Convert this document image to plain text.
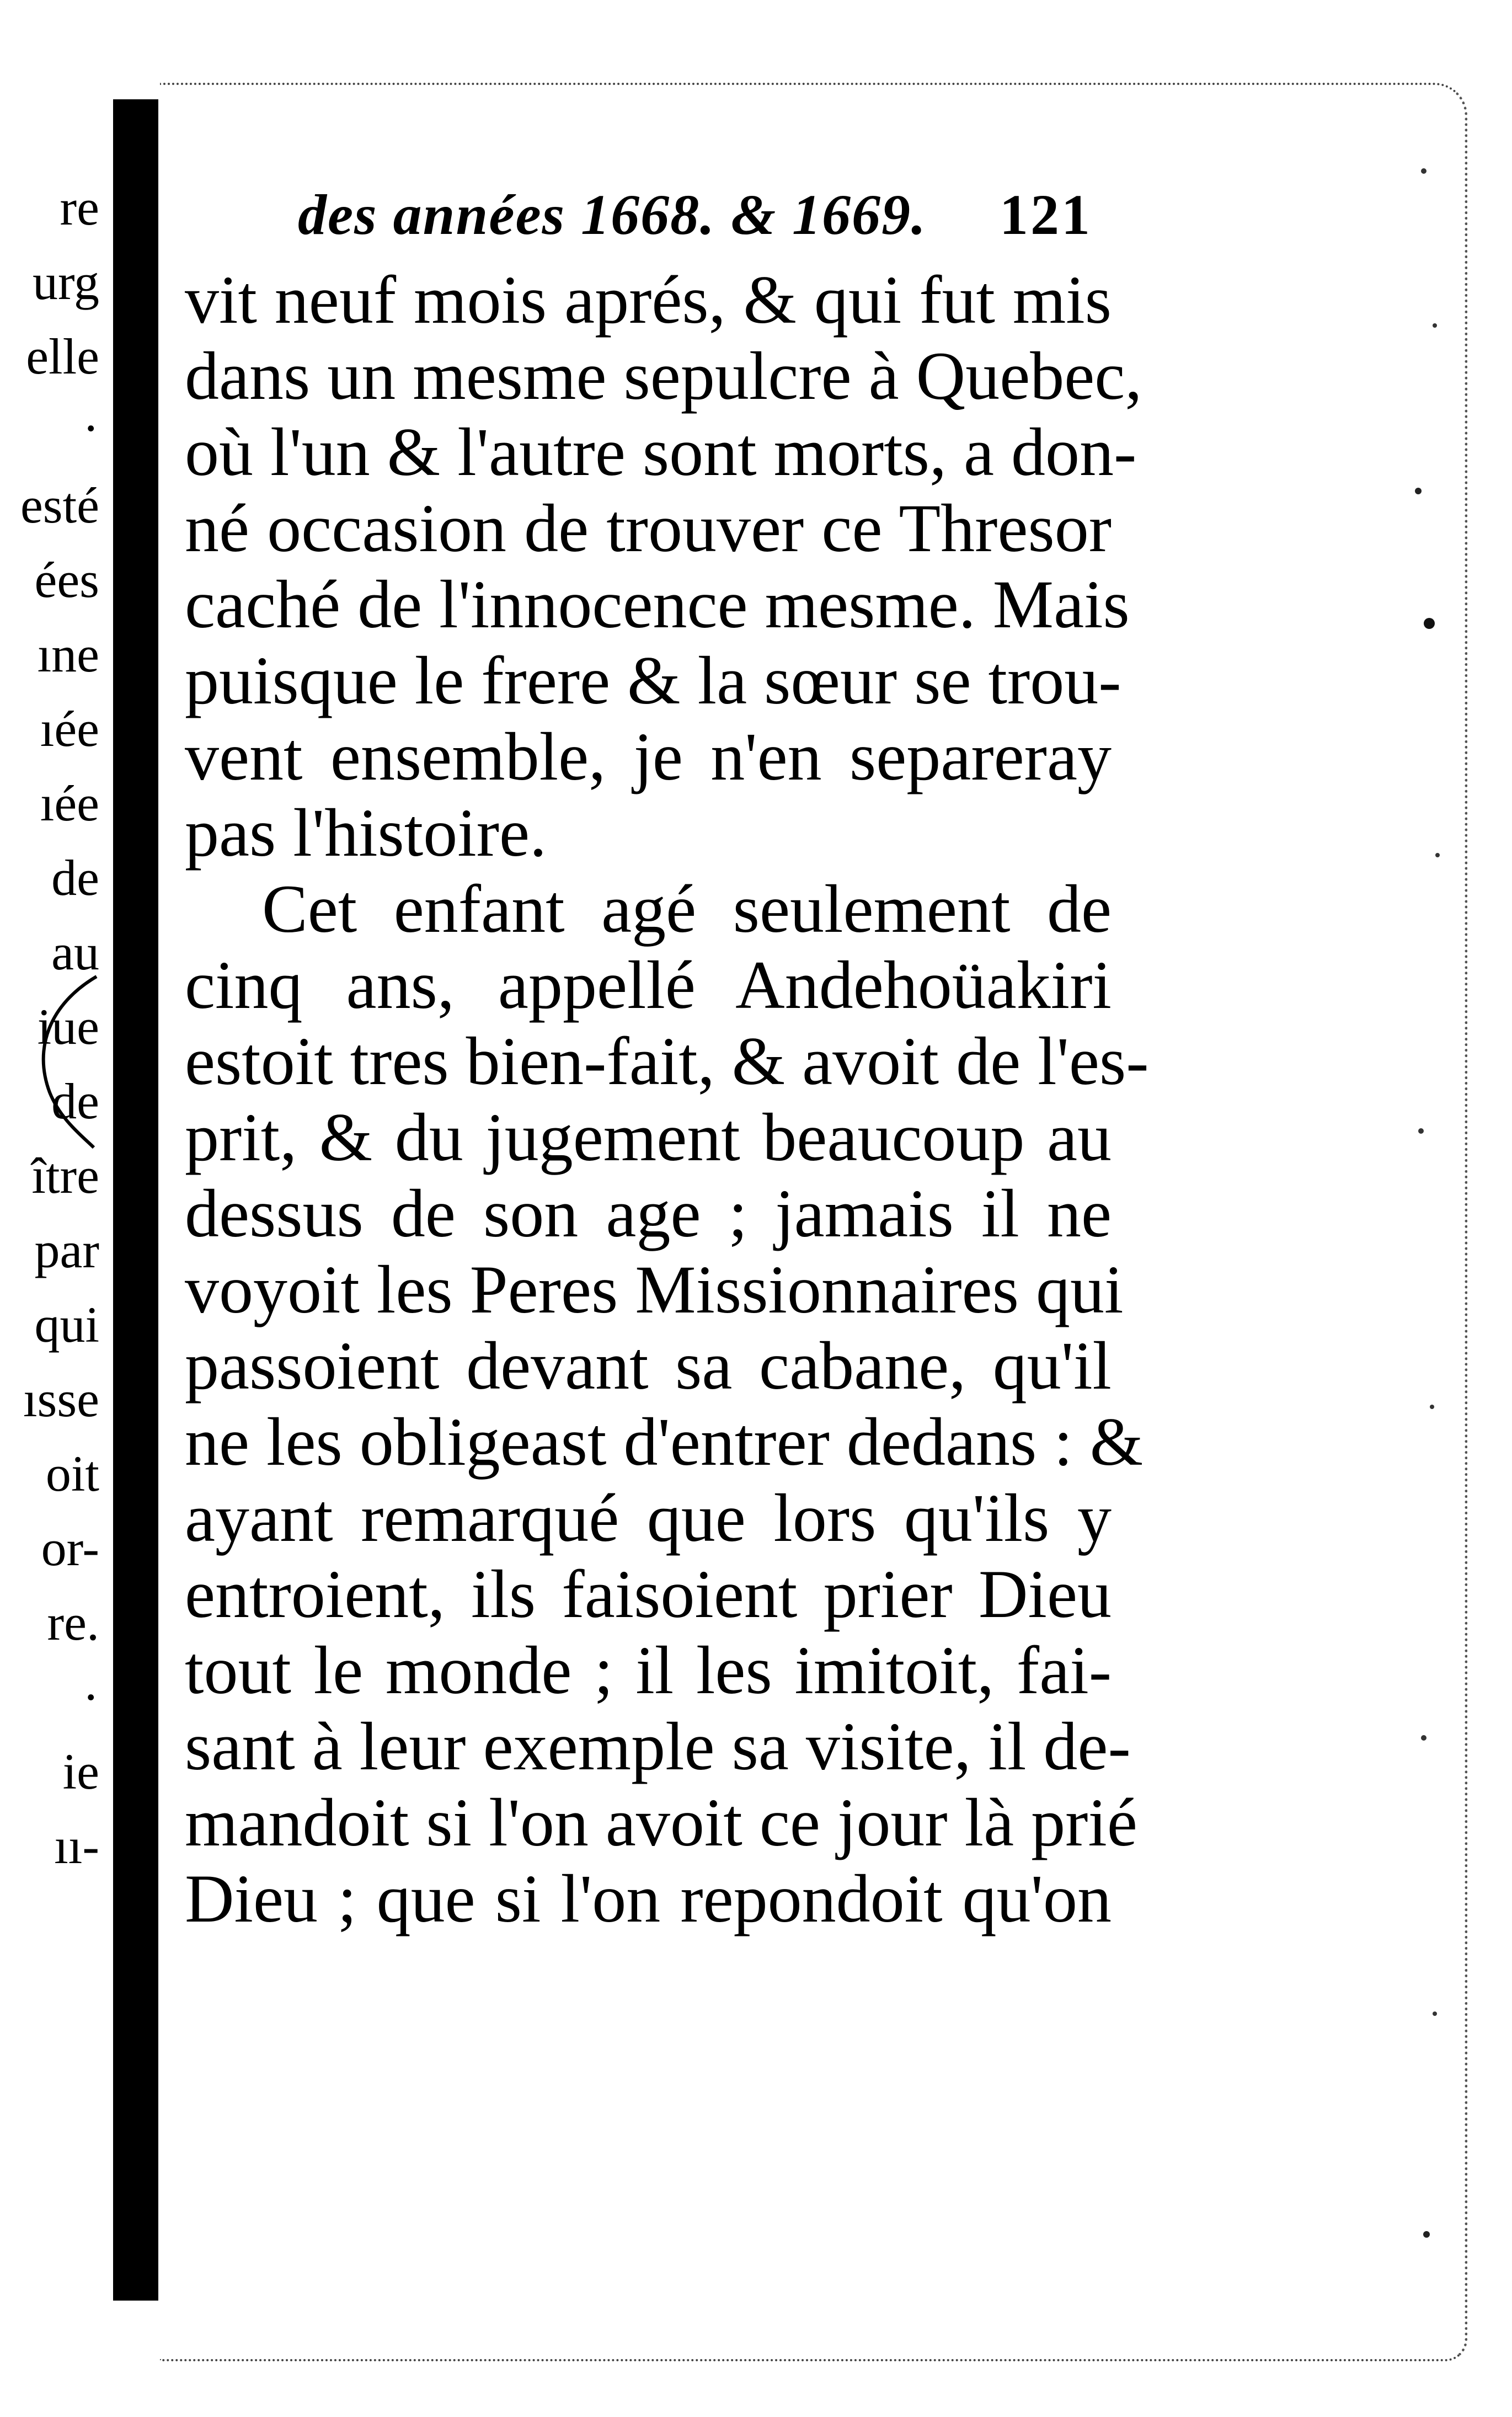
re
urg
elle
·
esté
ées
ıne
ıée
ıée
de
au
iue
de
ître
par
qui
ısse
oit
or-
re.
·
ie
ıı-
des années 1668. & 1669. 121
vit neuf mois aprés, & qui fut mis
dans un mesme sepulcre à Quebec,
où l'un & l'autre sont morts, a don-
né occasion de trouver ce Thresor
caché de l'innocence mesme. Mais
puisque le frere & la sœur se trou-
vent ensemble, je n'en separeray
pas l'histoire.
Cet enfant agé seulement de
cinq ans, appellé Andehoüakiri
estoit tres bien-fait, & avoit de l'es-
prit, & du jugement beaucoup au
dessus de son age ; jamais il ne
voyoit les Peres Missionnaires qui
passoient devant sa cabane, qu'il
ne les obligeast d'entrer dedans : &
ayant remarqué que lors qu'ils y
entroient, ils faisoient prier Dieu
tout le monde ; il les imitoit, fai-
sant à leur exemple sa visite, il de-
mandoit si l'on avoit ce jour là prié
Dieu ; que si l'on repondoit qu'on
